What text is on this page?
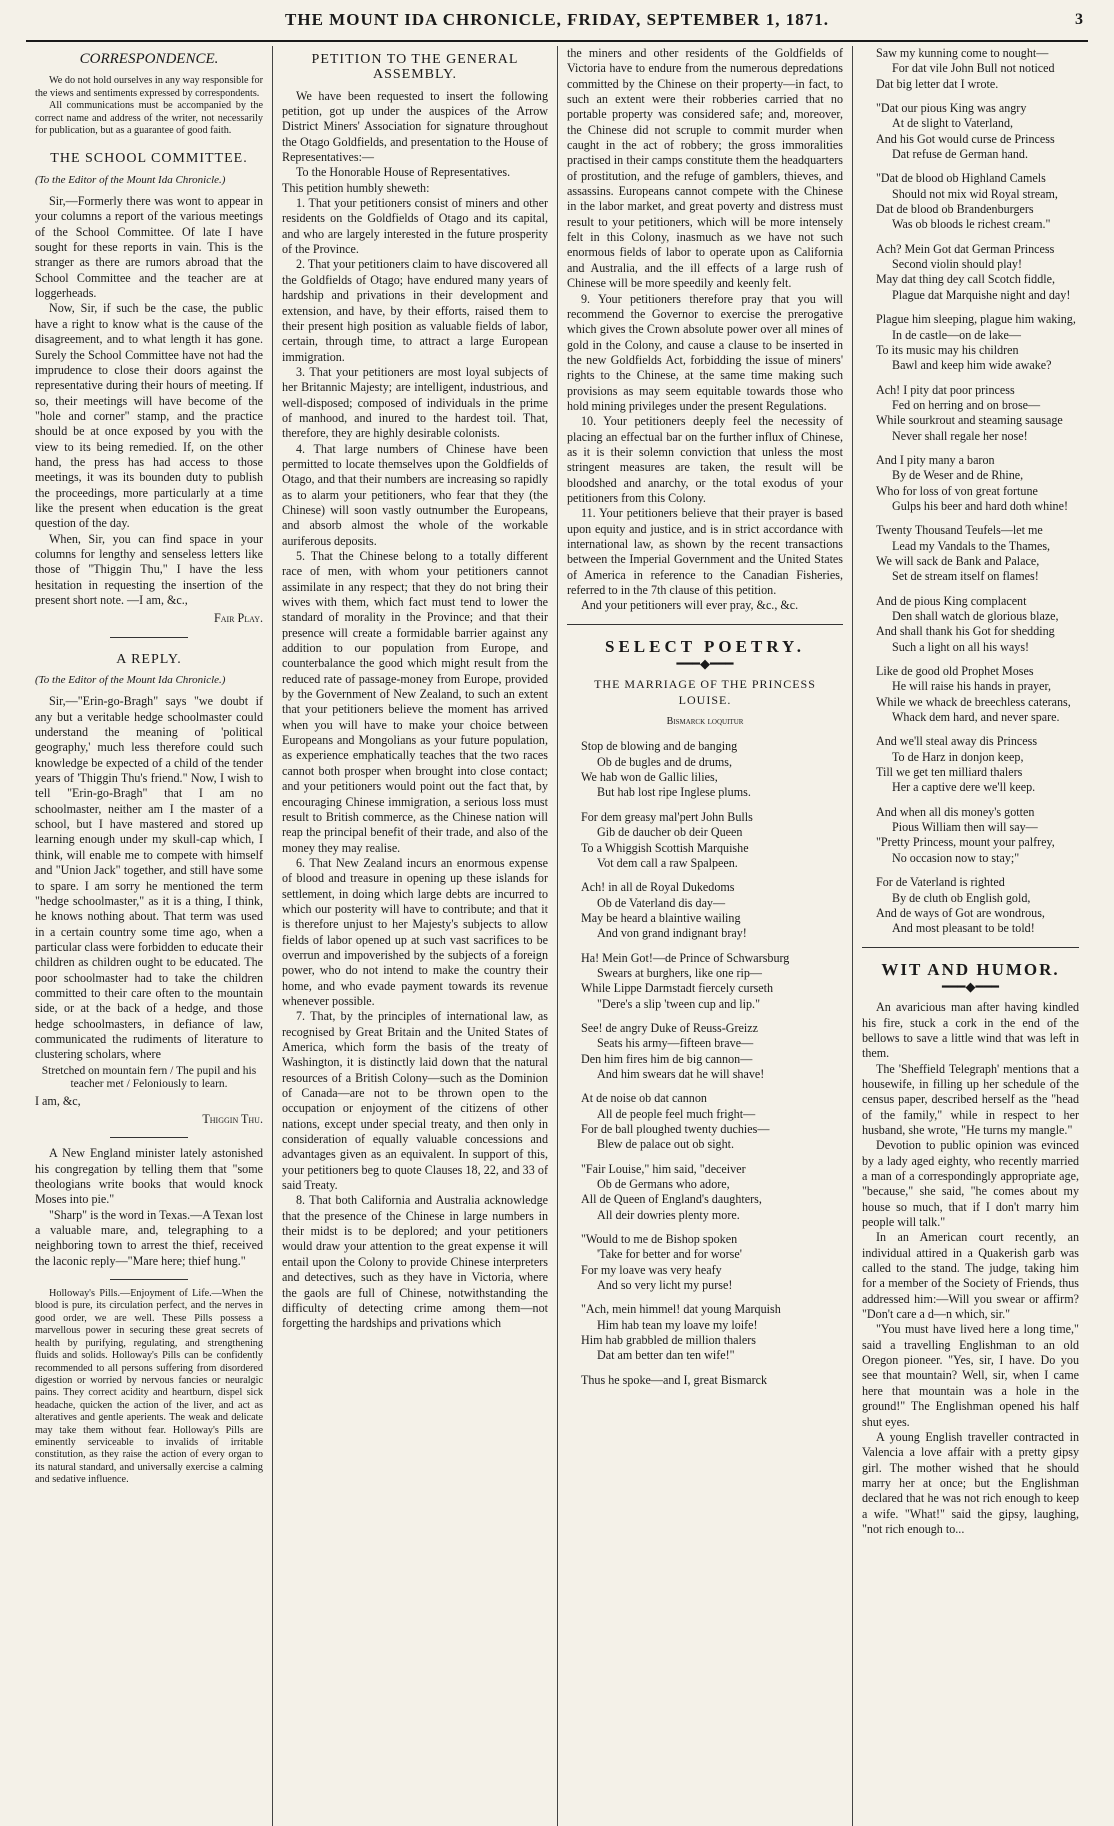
THE MOUNT IDA CHRONICLE, FRIDAY, SEPTEMBER 1, 1871.	3
CORRESPONDENCE.

We do not hold ourselves in any way responsible for the views and sentiments expressed by correspondents.

All communications must be accompanied by the correct name and address of the writer, not necessarily for publication, but as a guarantee of good faith.

THE SCHOOL COMMITTEE.
(To the Editor of the Mount Ida Chronicle.)

Sir,—Formerly there was wont to appear in your columns a report of the various meetings of the School Committee. Of late I have sought for these reports in vain. This is the stranger as there are rumors abroad that the School Committee and the teacher are at loggerheads.

Now, Sir, if such be the case, the public have a right to know what is the cause of the disagreement, and to what length it has gone. Surely the School Committee have not had the imprudence to close their doors against the representative during their hours of meeting. If so, their meetings will have become of the "hole and corner" stamp, and the practice should be at once exposed by you with the view to its being remedied. If, on the other hand, the press has had access to those meetings, it was its bounden duty to publish the proceedings, more particularly at a time like the present when education is the great question of the day.

When, Sir, you can find space in your columns for lengthy and senseless letters like those of "Thiggin Thu," I have the less hesitation in requesting the insertion of the present short note. —I am, &c.,

Fair Play.
A REPLY.
(To the Editor of the Mount Ida Chronicle.)

Sir,—"Erin-go-Bragh" says "we doubt if any but a veritable hedge schoolmaster could understand the meaning of 'political geography,' much less therefore could such knowledge be expected of a child of the tender years of 'Thiggin Thu's friend." Now, I wish to tell "Erin-go-Bragh" that I am no schoolmaster, neither am I the master of a school, but I have mastered and stored up learning enough under my skull-cap which, I think, will enable me to compete with himself and "Union Jack" together, and still have some to spare. I am sorry he mentioned the term "hedge schoolmaster," as it is a thing, I think, he knows nothing about. That term was used in a certain country some time ago, when a particular class were forbidden to educate their children as children ought to be educated. The poor schoolmaster had to take the children committed to their care often to the mountain side, or at the back of a hedge, and those hedge schoolmasters, in defiance of law, communicated the rudiments of literature to clustering scholars, where

Stretched on mountain fern / The pupil and his teacher met / Feloniously to learn.

I am, &c,

Thiggin Thu.

A New England minister lately astonished his congregation by telling them that "some theologians write books that would knock Moses into pie."

"Sharp" is the word in Texas.—A Texan lost a valuable mare, and, telegraphing to a neighboring town to arrest the thief, received the laconic reply—"Mare here; thief hung."

Holloway's Pills.—Enjoyment of Life.—When the blood is pure, its circulation perfect, and the nerves in good order, we are well. These Pills possess a marvellous power in securing these great secrets of health by purifying, regulating, and strengthening fluids and solids. Holloway's Pills can be confidently recommended to all persons suffering from disordered digestion or worried by nervous fancies or neuralgic pains. They correct acidity and heartburn, dispel sick headache, quicken the action of the liver, and act as alteratives and gentle aperients. The weak and delicate may take them without fear. Holloway's Pills are eminently serviceable to invalids of irritable constitution, as they raise the action of every organ to its natural standard, and universally exercise a calming and sedative influence.

PETITION TO THE GENERAL ASSEMBLY.

We have been requested to insert the following petition, got up under the auspices of the Arrow District Miners' Association for signature throughout the Otago Goldfields, and presentation to the House of Representatives:—

To the Honorable House of Representatives.

This petition humbly sheweth:

1. That your petitioners consist of miners and other residents on the Goldfields of Otago and its capital, and who are largely interested in the future prosperity of the Province.

2. That your petitioners claim to have discovered all the Goldfields of Otago; have endured many years of hardship and privations in their development and extension, and have, by their efforts, raised them to their present high position as valuable fields of labor, certain, through time, to attract a large European immigration.

3. That your petitioners are most loyal subjects of her Britannic Majesty; are intelligent, industrious, and well-disposed; composed of individuals in the prime of manhood, and inured to the hardest toil. That, therefore, they are highly desirable colonists.

4. That large numbers of Chinese have been permitted to locate themselves upon the Goldfields of Otago, and that their numbers are increasing so rapidly as to alarm your petitioners, who fear that they (the Chinese) will soon vastly outnumber the Europeans, and absorb almost the whole of the workable auriferous deposits.

5. That the Chinese belong to a totally different race of men, with whom your petitioners cannot assimilate in any respect; that they do not bring their wives with them, which fact must tend to lower the standard of morality in the Province; and that their presence will create a formidable barrier against any addition to our population from Europe, and counterbalance the good which might result from the reduced rate of passage-money from Europe, provided by the Government of New Zealand, to such an extent that your petitioners believe the moment has arrived when you will have to make your choice between Europeans and Mongolians as your future population, as experience emphatically teaches that the two races cannot both prosper when brought into close contact; and your petitioners would point out the fact that, by encouraging Chinese immigration, a serious loss must result to British commerce, as the Chinese nation will reap the principal benefit of their trade, and also of the money they may realise.

6. That New Zealand incurs an enormous expense of blood and treasure in opening up these islands for settlement, in doing which large debts are incurred to which our posterity will have to contribute; and that it is therefore unjust to her Majesty's subjects to allow fields of labor opened up at such vast sacrifices to be overrun and impoverished by the subjects of a foreign power, who do not intend to make the country their home, and who evade payment towards its revenue whenever possible.

7. That, by the principles of international law, as recognised by Great Britain and the United States of America, which form the basis of the treaty of Washington, it is distinctly laid down that the natural resources of a British Colony—such as the Dominion of Canada—are not to be thrown open to the occupation or enjoyment of the citizens of other nations, except under special treaty, and then only in consideration of equally valuable concessions and advantages given as an equivalent. In support of this, your petitioners beg to quote Clauses 18, 22, and 33 of said Treaty.

8. That both California and Australia acknowledge that the presence of the Chinese in large numbers in their midst is to be deplored; and your petitioners would draw your attention to the great expense it will entail upon the Colony to provide Chinese interpreters and detectives, such as they have in Victoria, where the gaols are full of Chinese, notwithstanding the difficulty of detecting crime among them—not forgetting the hardships and privations which

the miners and other residents of the Goldfields of Victoria have to endure from the numerous depredations committed by the Chinese on their property—in fact, to such an extent were their robberies carried that no portable property was considered safe; and, moreover, the Chinese did not scruple to commit murder when caught in the act of robbery; the gross immoralities practised in their camps constitute them the headquarters of prostitution, and the refuge of gamblers, thieves, and assassins. Europeans cannot compete with the Chinese in the labor market, and great poverty and distress must result to your petitioners, which will be more intensely felt in this Colony, inasmuch as we have not such enormous fields of labor to operate upon as California and Australia, and the ill effects of a large rush of Chinese will be more speedily and keenly felt.

9. Your petitioners therefore pray that you will recommend the Governor to exercise the prerogative which gives the Crown absolute power over all mines of gold in the Colony, and cause a clause to be inserted in the new Goldfields Act, forbidding the issue of miners' rights to the Chinese, at the same time making such provisions as may seem equitable towards those who hold mining privileges under the present Regulations.

10. Your petitioners deeply feel the necessity of placing an effectual bar on the further influx of Chinese, as it is their solemn conviction that unless the most stringent measures are taken, the result will be bloodshed and anarchy, or the total exodus of your petitioners from this Colony.

11. Your petitioners believe that their prayer is based upon equity and justice, and is in strict accordance with international law, as shown by the recent transactions between the Imperial Government and the United States of America in reference to the Canadian Fisheries, referred to in the 7th clause of this petition.

And your petitioners will ever pray, &c., &c.

SELECT POETRY.
━━━◆━━━
THE MARRIAGE OF THE PRINCESS LOUISE.
Bismarck loquitur
Stop de blowing and de banging
Ob de bugles and de drums,
We hab won de Gallic lilies,
But hab lost ripe Inglese plums.
For dem greasy mal'pert John Bulls
Gib de daucher ob deir Queen
To a Whiggish Scottish Marquishe
Vot dem call a raw Spalpeen.
Ach! in all de Royal Dukedoms
Ob de Vaterland dis day—
May be heard a blaintive wailing
And von grand indignant bray!
Ha! Mein Got!—de Prince of Schwarsburg
Swears at burghers, like one rip—
While Lippe Darmstadt fiercely curseth
"Dere's a slip 'tween cup and lip."
See! de angry Duke of Reuss-Greizz
Seats his army—fifteen brave—
Den him fires him de big cannon—
And him swears dat he will shave!
At de noise ob dat cannon
All de people feel much fright—
For de ball ploughed twenty duchies—
Blew de palace out ob sight.
"Fair Louise," him said, "deceiver
Ob de Germans who adore,
All de Queen of England's daughters,
All deir dowries plenty more.
"Would to me de Bishop spoken
'Take for better and for worse'
For my loave was very heafy
And so very licht my purse!
"Ach, mein himmel! dat young Marquish
Him hab tean my loave my loife!
Him hab grabbled de million thalers
Dat am better dan ten wife!"
Thus he spoke—and I, great Bismarck
Saw my kunning come to nought—
For dat vile John Bull not noticed
Dat big letter dat I wrote.
"Dat our pious King was angry
At de slight to Vaterland,
And his Got would curse de Princess
Dat refuse de German hand.
"Dat de blood ob Highland Camels
Should not mix wid Royal stream,
Dat de blood ob Brandenburgers
Was ob bloods le richest cream."
Ach? Mein Got dat German Princess
Second violin should play!
May dat thing dey call Scotch fiddle,
Plague dat Marquishe night and day!
Plague him sleeping, plague him waking,
In de castle—on de lake—
To its music may his children
Bawl and keep him wide awake?
Ach! I pity dat poor princess
Fed on herring and on brose—
While sourkrout and steaming sausage
Never shall regale her nose!
And I pity many a baron
By de Weser and de Rhine,
Who for loss of von great fortune
Gulps his beer and hard doth whine!
Twenty Thousand Teufels—let me
Lead my Vandals to the Thames,
We will sack de Bank and Palace,
Set de stream itself on flames!
And de pious King complacent
Den shall watch de glorious blaze,
And shall thank his Got for shedding
Such a light on all his ways!
Like de good old Prophet Moses
He will raise his hands in prayer,
While we whack de breechless caterans,
Whack dem hard, and never spare.
And we'll steal away dis Princess
To de Harz in donjon keep,
Till we get ten milliard thalers
Her a captive dere we'll keep.
And when all dis money's gotten
Pious William then will say—
"Pretty Princess, mount your palfrey,
No occasion now to stay;"
For de Vaterland is righted
By de cluth ob English gold,
And de ways of Got are wondrous,
And most pleasant to be told!
WIT AND HUMOR.
━━━◆━━━

An avaricious man after having kindled his fire, stuck a cork in the end of the bellows to save a little wind that was left in them.

The 'Sheffield Telegraph' mentions that a housewife, in filling up her schedule of the census paper, described herself as the "head of the family," while in respect to her husband, she wrote, "He turns my mangle."

Devotion to public opinion was evinced by a lady aged eighty, who recently married a man of a correspondingly appropriate age, "because," she said, "he comes about my house so much, that if I don't marry him people will talk."

In an American court recently, an individual attired in a Quakerish garb was called to the stand. The judge, taking him for a member of the Society of Friends, thus addressed him:—Will you swear or affirm? "Don't care a d—n which, sir."

"You must have lived here a long time," said a travelling Englishman to an old Oregon pioneer. "Yes, sir, I have. Do you see that mountain? Well, sir, when I came here that mountain was a hole in the ground!" The Englishman opened his half shut eyes.

A young English traveller contracted in Valencia a love affair with a pretty gipsy girl. The mother wished that he should marry her at once; but the Englishman declared that he was not rich enough to keep a wife. "What!" said the gipsy, laughing, "not rich enough to...
